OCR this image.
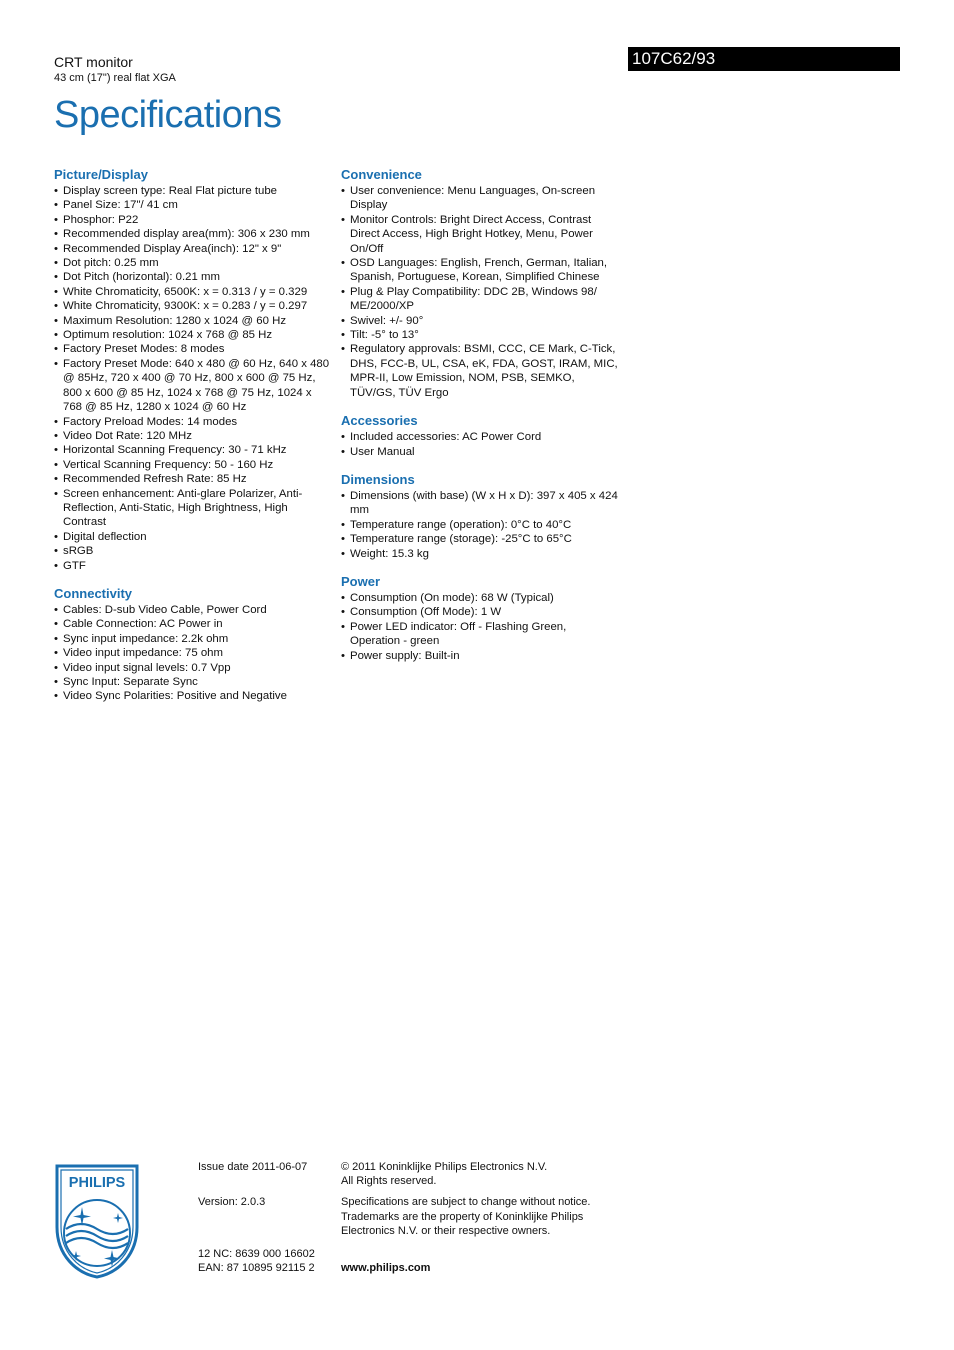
CRT monitor
43 cm (17") real flat XGA
Specifications
107C62/93
Picture/Display
• Display screen type: Real Flat picture tube
• Panel Size: 17"/ 41 cm
• Phosphor: P22
• Recommended display area(mm): 306 x 230 mm
• Recommended Display Area(inch): 12" x 9"
• Dot pitch: 0.25 mm
• Dot Pitch (horizontal): 0.21 mm
• White Chromaticity, 6500K: x = 0.313 / y = 0.329
• White Chromaticity, 9300K: x = 0.283 / y = 0.297
• Maximum Resolution: 1280 x 1024 @ 60 Hz
• Optimum resolution: 1024 x 768 @ 85 Hz
• Factory Preset Modes: 8 modes
• Factory Preset Mode: 640 x 480 @ 60 Hz, 640 x 480 @ 85Hz, 720 x 400 @ 70 Hz, 800 x 600 @ 75 Hz, 800 x 600 @ 85 Hz, 1024 x 768 @ 75 Hz, 1024 x 768 @ 85 Hz, 1280 x 1024 @ 60 Hz
• Factory Preload Modes: 14 modes
• Video Dot Rate: 120 MHz
• Horizontal Scanning Frequency: 30 - 71 kHz
• Vertical Scanning Frequency: 50 - 160 Hz
• Recommended Refresh Rate: 85 Hz
• Screen enhancement: Anti-glare Polarizer, Anti-Reflection, Anti-Static, High Brightness, High Contrast
• Digital deflection
• sRGB
• GTF
Connectivity
• Cables: D-sub Video Cable, Power Cord
• Cable Connection: AC Power in
• Sync input impedance: 2.2k ohm
• Video input impedance: 75 ohm
• Video input signal levels: 0.7 Vpp
• Sync Input: Separate Sync
• Video Sync Polarities: Positive and Negative
Convenience
• User convenience: Menu Languages, On-screen Display
• Monitor Controls: Bright Direct Access, Contrast Direct Access, High Bright Hotkey, Menu, Power On/Off
• OSD Languages: English, French, German, Italian, Spanish, Portuguese, Korean, Simplified Chinese
• Plug & Play Compatibility: DDC 2B, Windows 98/ ME/2000/XP
• Swivel: +/- 90°
• Tilt: -5° to 13°
• Regulatory approvals: BSMI, CCC, CE Mark, C-Tick, DHS, FCC-B, UL, CSA, eK, FDA, GOST, IRAM, MIC, MPR-II, Low Emission, NOM, PSB, SEMKO, TÜV/GS, TÜV Ergo
Accessories
• Included accessories: AC Power Cord
• User Manual
Dimensions
• Dimensions (with base) (W x H x D): 397 x 405 x 424 mm
• Temperature range (operation): 0°C to 40°C
• Temperature range (storage): -25°C to 65°C
• Weight: 15.3 kg
Power
• Consumption (On mode): 68 W (Typical)
• Consumption (Off Mode): 1 W
• Power LED indicator: Off - Flashing Green, Operation - green
• Power supply: Built-in
PHILIPS
Issue date 2011-06-07
Version: 2.0.3
12 NC: 8639 000 16602
EAN: 87 10895 92115 2
© 2011 Koninklijke Philips Electronics N.V.
All Rights reserved.
Specifications are subject to change without notice. Trademarks are the property of Koninklijke Philips Electronics N.V. or their respective owners.
www.philips.com
